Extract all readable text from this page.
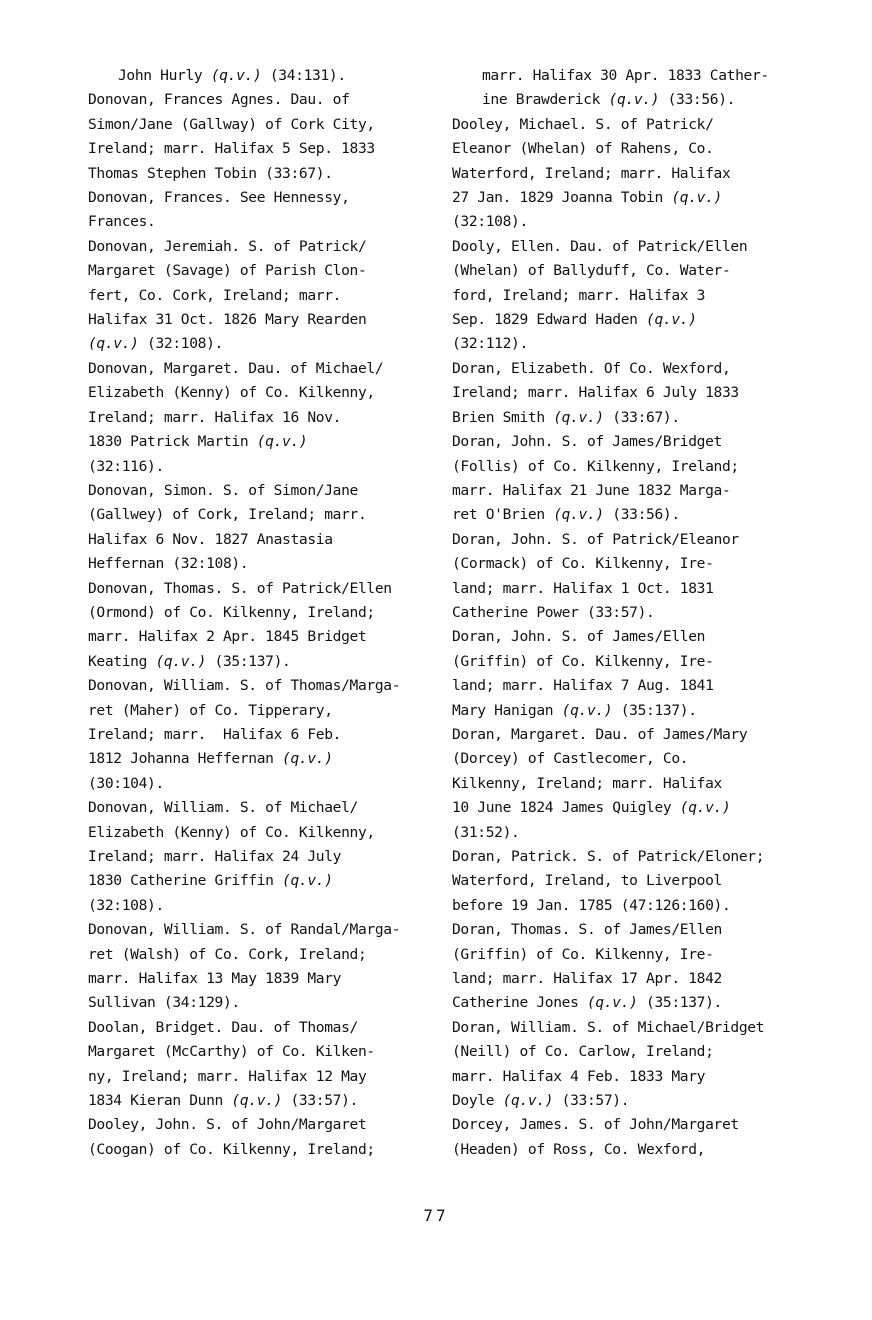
John Hurly (q.v.) (34:131).
Donovan, Frances Agnes. Dau. of
Simon/Jane (Gallway) of Cork City,
Ireland; marr. Halifax 5 Sep. 1833
Thomas Stephen Tobin (33:67).
Donovan, Frances. See Hennessy,
Frances.
Donovan, Jeremiah. S. of Patrick/
Margaret (Savage) of Parish Clon-
fert, Co. Cork, Ireland; marr.
Halifax 31 Oct. 1826 Mary Rearden
(q.v.) (32:108).
Donovan, Margaret. Dau. of Michael/
Elizabeth (Kenny) of Co. Kilkenny,
Ireland; marr. Halifax 16 Nov.
1830 Patrick Martin (q.v.)
(32:116).
Donovan, Simon. S. of Simon/Jane
(Gallwey) of Cork, Ireland; marr.
Halifax 6 Nov. 1827 Anastasia
Heffernan (32:108).
Donovan, Thomas. S. of Patrick/Ellen
(Ormond) of Co. Kilkenny, Ireland;
marr. Halifax 2 Apr. 1845 Bridget
Keating (q.v.) (35:137).
Donovan, William. S. of Thomas/Marga-
ret (Maher) of Co. Tipperary,
Ireland; marr.  Halifax 6 Feb.
1812 Johanna Heffernan (q.v.)
(30:104).
Donovan, William. S. of Michael/
Elizabeth (Kenny) of Co. Kilkenny,
Ireland; marr. Halifax 24 July
1830 Catherine Griffin (q.v.)
(32:108).
Donovan, William. S. of Randal/Marga-
ret (Walsh) of Co. Cork, Ireland;
marr. Halifax 13 May 1839 Mary
Sullivan (34:129).
Doolan, Bridget. Dau. of Thomas/
Margaret (McCarthy) of Co. Kilken-
ny, Ireland; marr. Halifax 12 May
1834 Kieran Dunn (q.v.) (33:57).
Dooley, John. S. of John/Margaret
(Coogan) of Co. Kilkenny, Ireland;
marr. Halifax 30 Apr. 1833 Cather-
ine Brawderick (q.v.) (33:56).
Dooley, Michael. S. of Patrick/
Eleanor (Whelan) of Rahens, Co.
Waterford, Ireland; marr. Halifax
27 Jan. 1829 Joanna Tobin (q.v.)
(32:108).
Dooly, Ellen. Dau. of Patrick/Ellen
(Whelan) of Ballyduff, Co. Water-
ford, Ireland; marr. Halifax 3
Sep. 1829 Edward Haden (q.v.)
(32:112).
Doran, Elizabeth. Of Co. Wexford,
Ireland; marr. Halifax 6 July 1833
Brien Smith (q.v.) (33:67).
Doran, John. S. of James/Bridget
(Follis) of Co. Kilkenny, Ireland;
marr. Halifax 21 June 1832 Marga-
ret O'Brien (q.v.) (33:56).
Doran, John. S. of Patrick/Eleanor
(Cormack) of Co. Kilkenny, Ire-
land; marr. Halifax 1 Oct. 1831
Catherine Power (33:57).
Doran, John. S. of James/Ellen
(Griffin) of Co. Kilkenny, Ire-
land; marr. Halifax 7 Aug. 1841
Mary Hanigan (q.v.) (35:137).
Doran, Margaret. Dau. of James/Mary
(Dorcey) of Castlecomer, Co.
Kilkenny, Ireland; marr. Halifax
10 June 1824 James Quigley (q.v.)
(31:52).
Doran, Patrick. S. of Patrick/Eloner;
Waterford, Ireland, to Liverpool
before 19 Jan. 1785 (47:126:160).
Doran, Thomas. S. of James/Ellen
(Griffin) of Co. Kilkenny, Ire-
land; marr. Halifax 17 Apr. 1842
Catherine Jones (q.v.) (35:137).
Doran, William. S. of Michael/Bridget
(Neill) of Co. Carlow, Ireland;
marr. Halifax 4 Feb. 1833 Mary
Doyle (q.v.) (33:57).
Dorcey, James. S. of John/Margaret
(Headen) of Ross, Co. Wexford,
77
